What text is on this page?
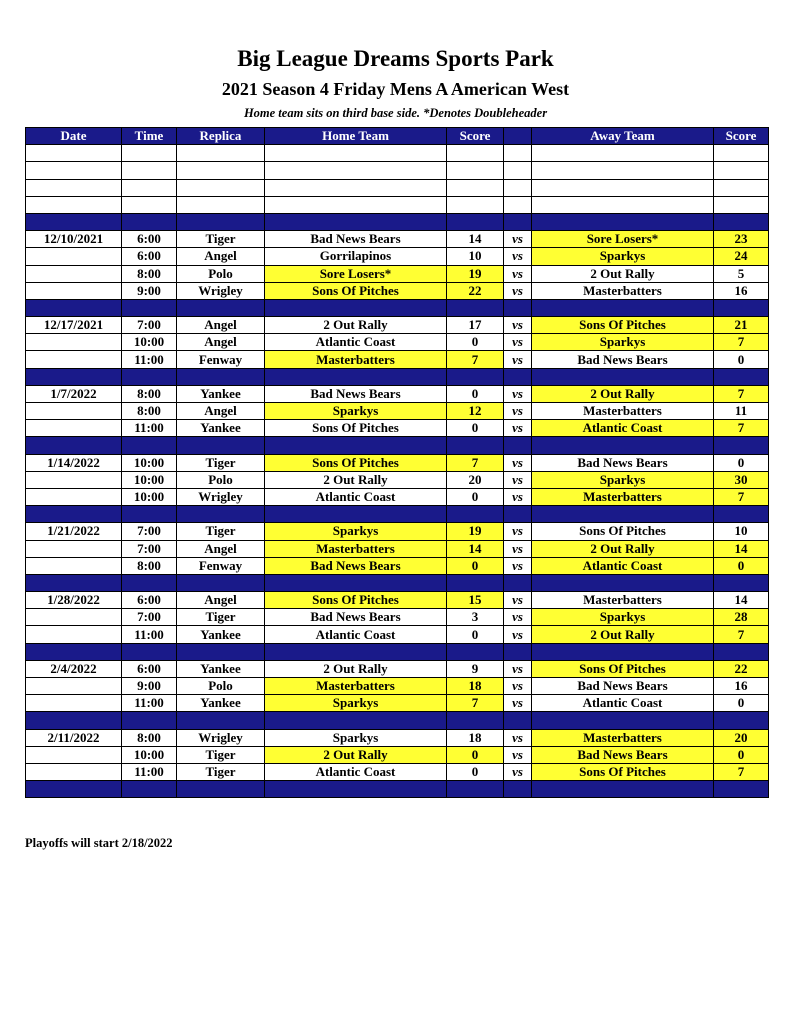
Big League Dreams Sports Park
2021 Season 4 Friday Mens A American West
Home team sits on third base side. *Denotes Doubleheader
Date	Time	Replica	Home Team	Score		Away Team	Score

12/10/2021	6:00	Tiger	Bad News Bears	14	vs	Sore Losers*	23
	6:00	Angel	Gorrilapinos	10	vs	Sparkys	24
	8:00	Polo	Sore Losers*	19	vs	2 Out Rally	5
	9:00	Wrigley	Sons Of Pitches	22	vs	Masterbatters	16

12/17/2021	7:00	Angel	2 Out Rally	17	vs	Sons Of Pitches	21
	10:00	Angel	Atlantic Coast	0	vs	Sparkys	7
	11:00	Fenway	Masterbatters	7	vs	Bad News Bears	0

1/7/2022	8:00	Yankee	Bad News Bears	0	vs	2 Out Rally	7
	8:00	Angel	Sparkys	12	vs	Masterbatters	11
	11:00	Yankee	Sons Of Pitches	0	vs	Atlantic Coast	7

1/14/2022	10:00	Tiger	Sons Of Pitches	7	vs	Bad News Bears	0
	10:00	Polo	2 Out Rally	20	vs	Sparkys	30
	10:00	Wrigley	Atlantic Coast	0	vs	Masterbatters	7

1/21/2022	7:00	Tiger	Sparkys	19	vs	Sons Of Pitches	10
	7:00	Angel	Masterbatters	14	vs	2 Out Rally	14
	8:00	Fenway	Bad News Bears	0	vs	Atlantic Coast	0

1/28/2022	6:00	Angel	Sons Of Pitches	15	vs	Masterbatters	14
	7:00	Tiger	Bad News Bears	3	vs	Sparkys	28
	11:00	Yankee	Atlantic Coast	0	vs	2 Out Rally	7

2/4/2022	6:00	Yankee	2 Out Rally	9	vs	Sons Of Pitches	22
	9:00	Polo	Masterbatters	18	vs	Bad News Bears	16
	11:00	Yankee	Sparkys	7	vs	Atlantic Coast	0

2/11/2022	8:00	Wrigley	Sparkys	18	vs	Masterbatters	20
	10:00	Tiger	2 Out Rally	0	vs	Bad News Bears	0
	11:00	Tiger	Atlantic Coast	0	vs	Sons Of Pitches	7

Playoffs will start 2/18/2022
